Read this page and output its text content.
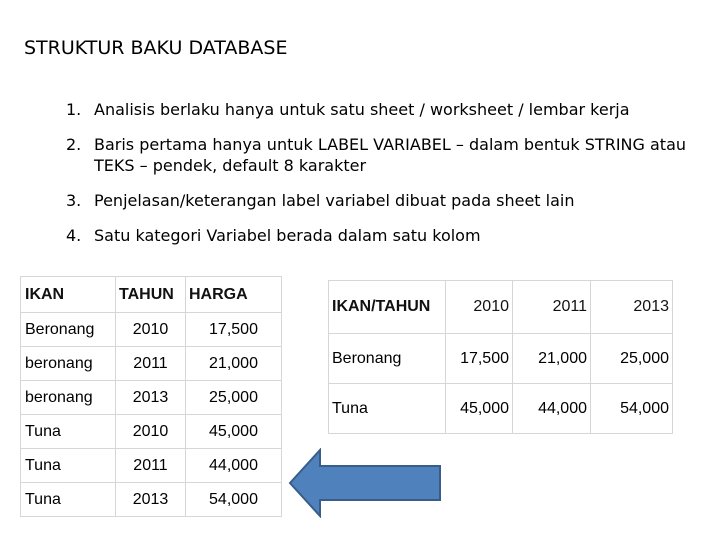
STRUKTUR BAKU DATABASE
1. Analisis berlaku hanya untuk satu sheet / worksheet / lembar kerja
2. Baris pertama hanya untuk LABEL VARIABEL – dalam bentuk STRING atau TEKS – pendek, default 8 karakter
3. Penjelasan/keterangan label variabel dibuat pada sheet lain
4. Satu kategori Variabel berada dalam satu kolom
IKAN	TAHUN	HARGA
Beronang	2010	17,500
beronang	2011	21,000
beronang	2013	25,000
Tuna	2010	45,000
Tuna	2011	44,000
Tuna	2013	54,000
IKAN/TAHUN	2010	2011	2013
Beronang	17,500	21,000	25,000
Tuna	45,000	44,000	54,000
